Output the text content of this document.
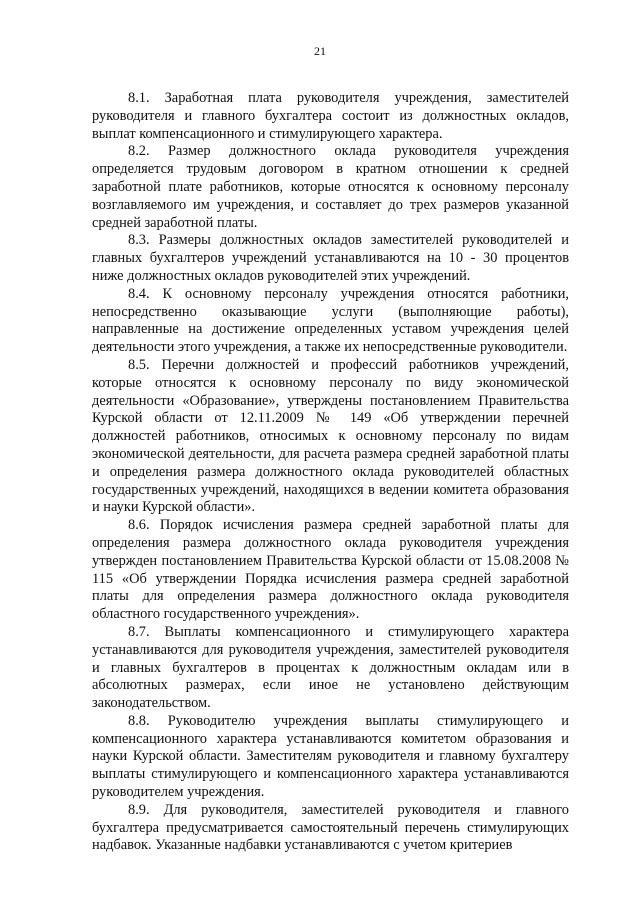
21

8.1. Заработная плата руководителя учреждения, заместителей руководителя и главного бухгалтера состоит из должностных окладов, выплат компенсационного и стимулирующего характера.

8.2. Размер должностного оклада руководителя учреждения определяется трудовым договором в кратном отношении к средней заработной плате работников, которые относятся к основному персоналу возглавляемого им учреждения, и составляет до трех размеров указанной средней заработной платы.

8.3. Размеры должностных окладов заместителей руководителей и главных бухгалтеров учреждений устанавливаются на 10 - 30 процентов ниже должностных окладов руководителей этих учреждений.

8.4. К основному персоналу учреждения относятся работники, непосредственно оказывающие услуги (выполняющие работы), направленные на достижение определенных уставом учреждения целей деятельности этого учреждения, а также их непосредственные руководители.

8.5. Перечни должностей и профессий работников учреждений, которые относятся к основному персоналу по виду экономической деятельности «Образование», утверждены постановлением Правительства Курской области от 12.11.2009 № 149 «Об утверждении перечней должностей работников, относимых к основному персоналу по видам экономической деятельности, для расчета размера средней заработной платы и определения размера должностного оклада руководителей областных государственных учреждений, находящихся в ведении комитета образования и науки Курской области».

8.6. Порядок исчисления размера средней заработной платы для определения размера должностного оклада руководителя учреждения утвержден постановлением Правительства Курской области от 15.08.2008 № 115 «Об утверждении Порядка исчисления размера средней заработной платы для определения размера должностного оклада руководителя областного государственного учреждения».

8.7. Выплаты компенсационного и стимулирующего характера устанавливаются для руководителя учреждения, заместителей руководителя и главных бухгалтеров в процентах к должностным окладам или в абсолютных размерах, если иное не установлено действующим законодательством.

8.8. Руководителю учреждения выплаты стимулирующего и компенсационного характера устанавливаются комитетом образования и науки Курской области. Заместителям руководителя и главному бухгалтеру выплаты стимулирующего и компенсационного характера устанавливаются руководителем учреждения.

8.9. Для руководителя, заместителей руководителя и главного бухгалтера предусматривается самостоятельный перечень стимулирующих надбавок. Указанные надбавки устанавливаются с учетом критериев
